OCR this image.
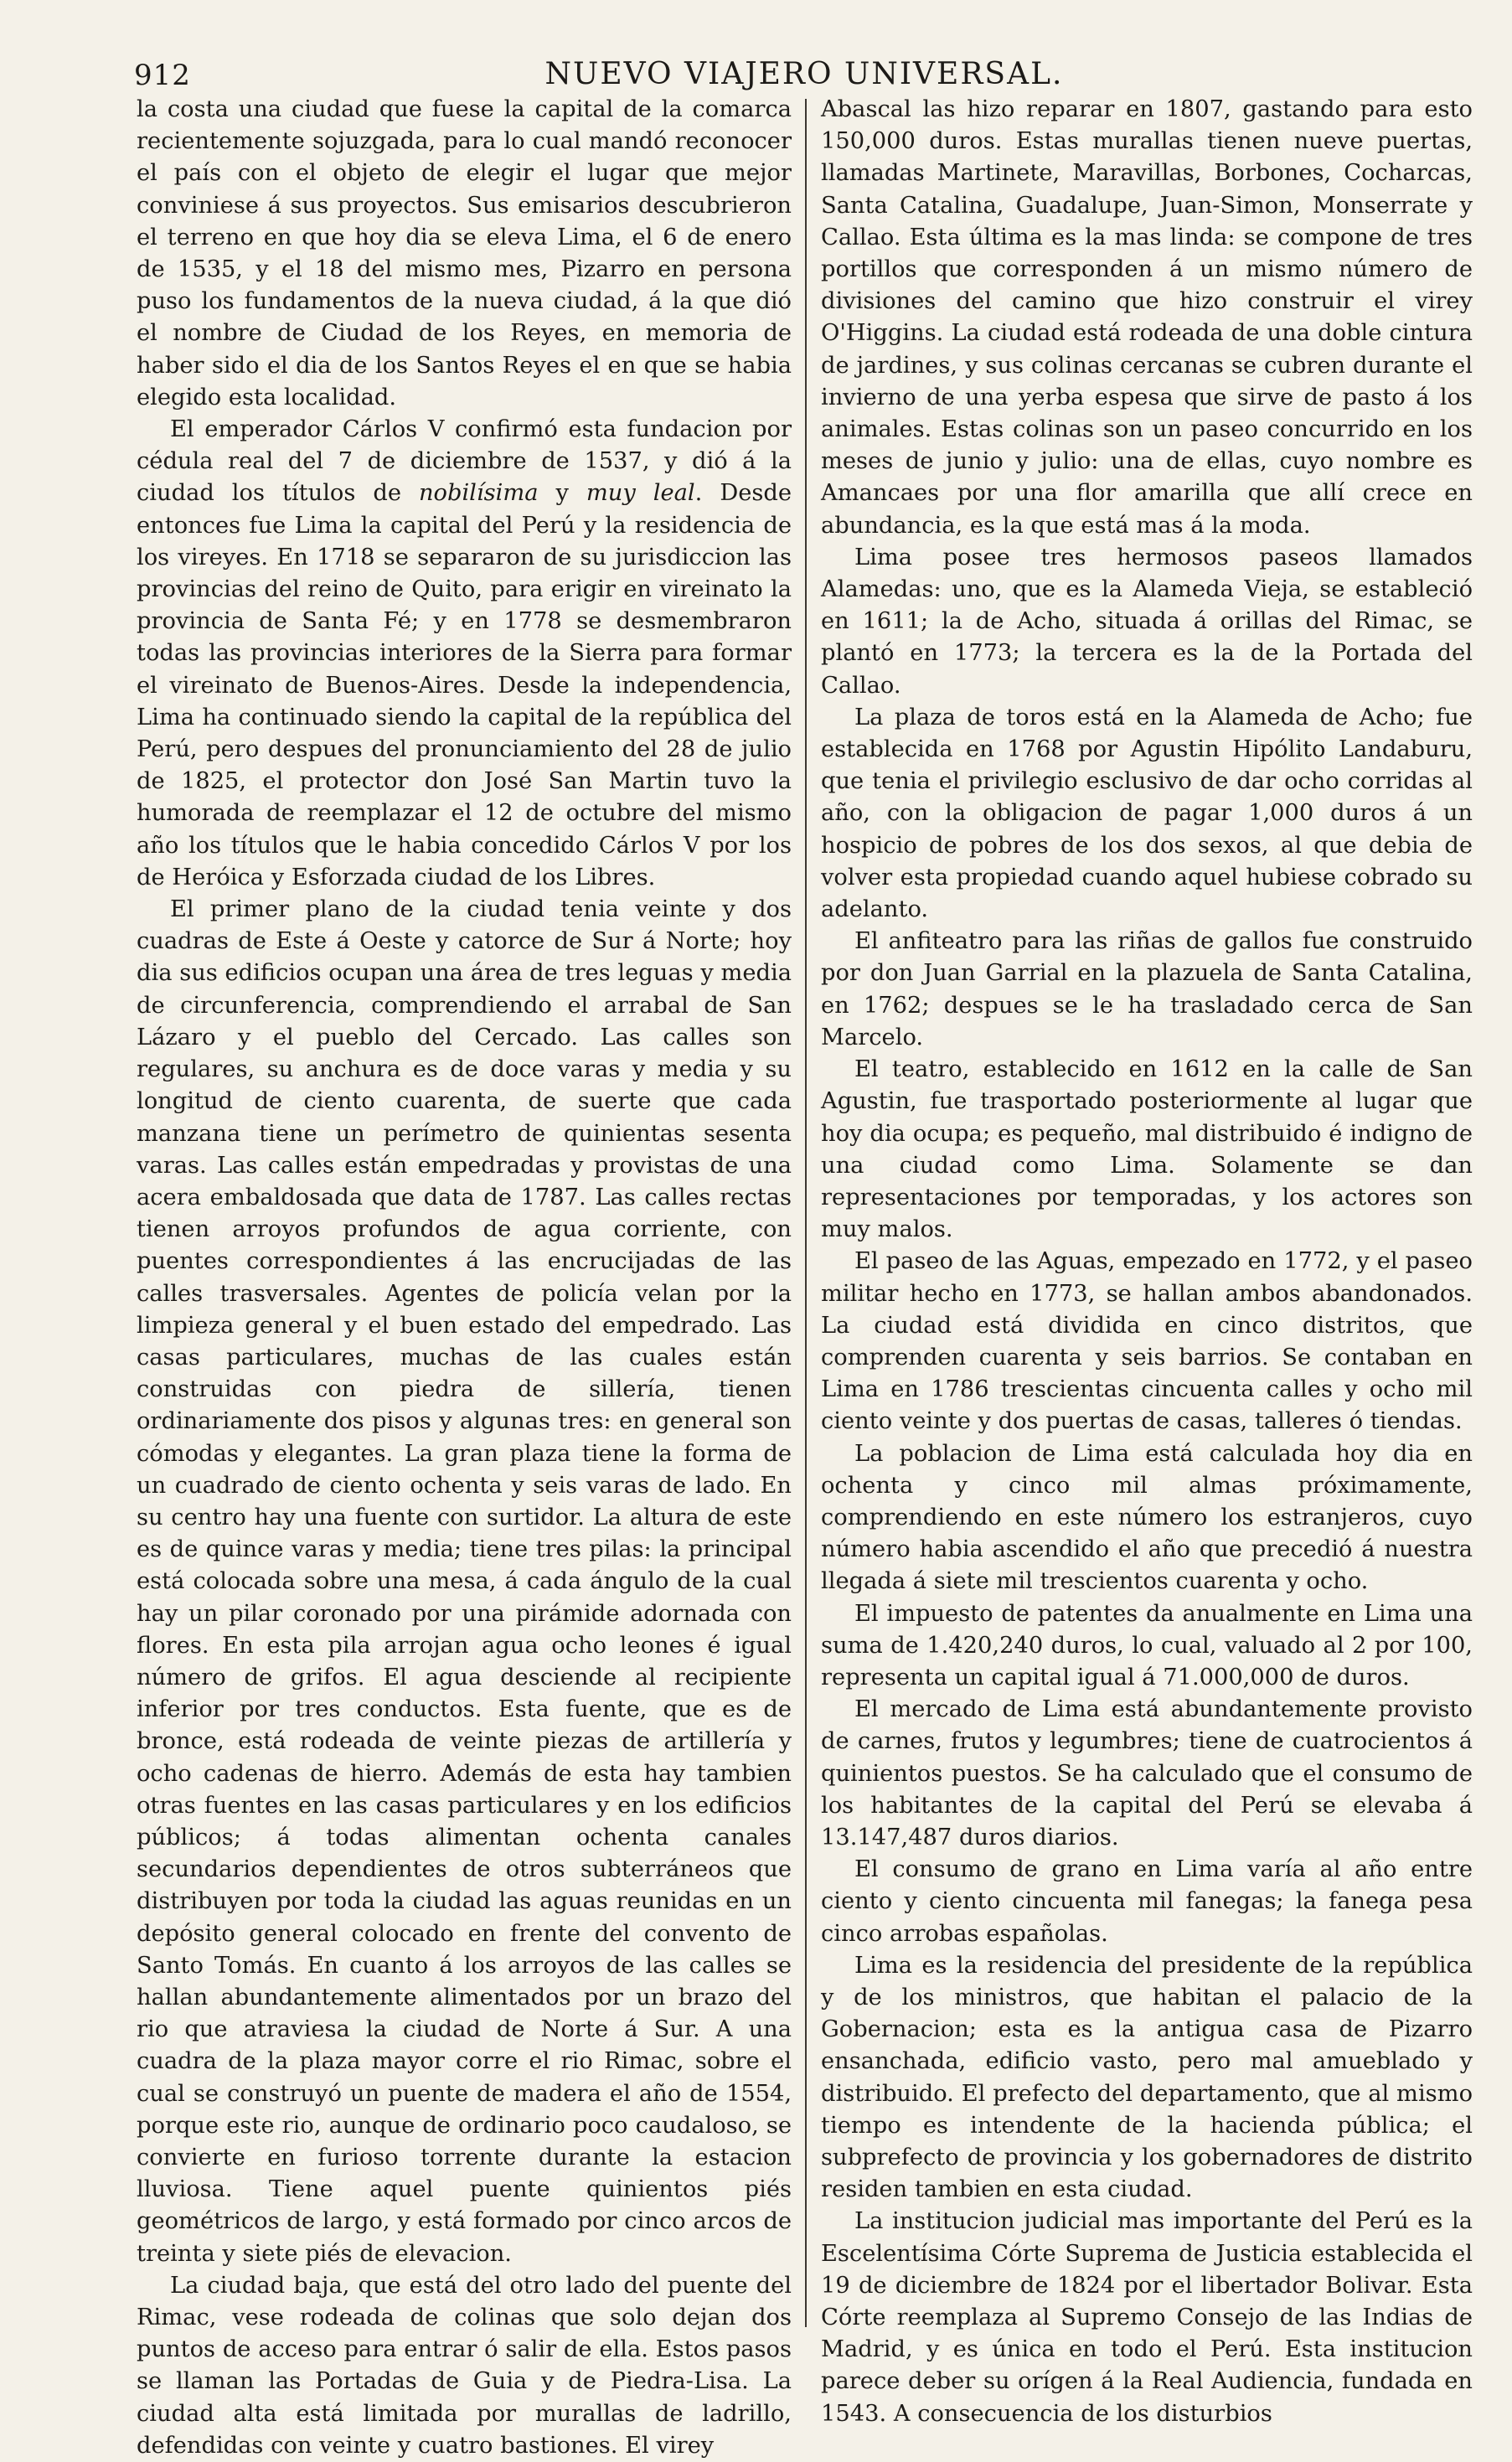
912	NUEVO VIAJERO UNIVERSAL.

la costa una ciudad que fuese la capital de la comarca recientemente sojuzgada, para lo cual mandó reconocer el país con el objeto de elegir el lugar que mejor conviniese á sus proyectos. Sus emisarios descubrieron el terreno en que hoy dia se eleva Lima, el 6 de enero de 1535, y el 18 del mismo mes, Pizarro en persona puso los fundamentos de la nueva ciudad, á la que dió el nombre de Ciudad de los Reyes, en memoria de haber sido el dia de los Santos Reyes el en que se habia elegido esta localidad.

El emperador Cárlos V confirmó esta fundacion por cédula real del 7 de diciembre de 1537, y dió á la ciudad los títulos de nobilísima y muy leal. Desde entonces fue Lima la capital del Perú y la residencia de los vireyes. En 1718 se separaron de su jurisdiccion las provincias del reino de Quito, para erigir en vireinato la provincia de Santa Fé; y en 1778 se desmembraron todas las provincias interiores de la Sierra para formar el vireinato de Buenos-Aires. Desde la independencia, Lima ha continuado siendo la capital de la república del Perú, pero despues del pronunciamiento del 28 de julio de 1825, el protector don José San Martin tuvo la humorada de reemplazar el 12 de octubre del mismo año los títulos que le habia concedido Cárlos V por los de Heróica y Esforzada ciudad de los Libres.

El primer plano de la ciudad tenia veinte y dos cuadras de Este á Oeste y catorce de Sur á Norte; hoy dia sus edificios ocupan una área de tres leguas y media de circunferencia, comprendiendo el arrabal de San Lázaro y el pueblo del Cercado. Las calles son regulares, su anchura es de doce varas y media y su longitud de ciento cuarenta, de suerte que cada manzana tiene un perímetro de quinientas sesenta varas. Las calles están empedradas y provistas de una acera embaldosada que data de 1787. Las calles rectas tienen arroyos profundos de agua corriente, con puentes correspondientes á las encrucijadas de las calles trasversales. Agentes de policía velan por la limpieza general y el buen estado del empedrado. Las casas particulares, muchas de las cuales están construidas con piedra de sillería, tienen ordinariamente dos pisos y algunas tres: en general son cómodas y elegantes. La gran plaza tiene la forma de un cuadrado de ciento ochenta y seis varas de lado. En su centro hay una fuente con surtidor. La altura de este es de quince varas y media; tiene tres pilas: la principal está colocada sobre una mesa, á cada ángulo de la cual hay un pilar coronado por una pirámide adornada con flores. En esta pila arrojan agua ocho leones é igual número de grifos. El agua desciende al recipiente inferior por tres conductos. Esta fuente, que es de bronce, está rodeada de veinte piezas de artillería y ocho cadenas de hierro. Además de esta hay tambien otras fuentes en las casas particulares y en los edificios públicos; á todas alimentan ochenta canales secundarios dependientes de otros subterráneos que distribuyen por toda la ciudad las aguas reunidas en un depósito general colocado en frente del convento de Santo Tomás. En cuanto á los arroyos de las calles se hallan abundantemente alimentados por un brazo del rio que atraviesa la ciudad de Norte á Sur. A una cuadra de la plaza mayor corre el rio Rimac, sobre el cual se construyó un puente de madera el año de 1554, porque este rio, aunque de ordinario poco caudaloso, se convierte en furioso torrente durante la estacion lluviosa. Tiene aquel puente quinientos piés geométricos de largo, y está formado por cinco arcos de treinta y siete piés de elevacion.

La ciudad baja, que está del otro lado del puente del Rimac, vese rodeada de colinas que solo dejan dos puntos de acceso para entrar ó salir de ella. Estos pasos se llaman las Portadas de Guia y de Piedra-Lisa. La ciudad alta está limitada por murallas de ladrillo, defendidas con veinte y cuatro bastiones. El virey

Abascal las hizo reparar en 1807, gastando para esto 150,000 duros. Estas murallas tienen nueve puertas, llamadas Martinete, Maravillas, Borbones, Cocharcas, Santa Catalina, Guadalupe, Juan-Simon, Monserrate y Callao. Esta última es la mas linda: se compone de tres portillos que corresponden á un mismo número de divisiones del camino que hizo construir el virey O'Higgins. La ciudad está rodeada de una doble cintura de jardines, y sus colinas cercanas se cubren durante el invierno de una yerba espesa que sirve de pasto á los animales. Estas colinas son un paseo concurrido en los meses de junio y julio: una de ellas, cuyo nombre es Amancaes por una flor amarilla que allí crece en abundancia, es la que está mas á la moda.

Lima posee tres hermosos paseos llamados Alamedas: uno, que es la Alameda Vieja, se estableció en 1611; la de Acho, situada á orillas del Rimac, se plantó en 1773; la tercera es la de la Portada del Callao.

La plaza de toros está en la Alameda de Acho; fue establecida en 1768 por Agustin Hipólito Landaburu, que tenia el privilegio esclusivo de dar ocho corridas al año, con la obligacion de pagar 1,000 duros á un hospicio de pobres de los dos sexos, al que debia de volver esta propiedad cuando aquel hubiese cobrado su adelanto.

El anfiteatro para las riñas de gallos fue construido por don Juan Garrial en la plazuela de Santa Catalina, en 1762; despues se le ha trasladado cerca de San Marcelo.

El teatro, establecido en 1612 en la calle de San Agustin, fue trasportado posteriormente al lugar que hoy dia ocupa; es pequeño, mal distribuido é indigno de una ciudad como Lima. Solamente se dan representaciones por temporadas, y los actores son muy malos.

El paseo de las Aguas, empezado en 1772, y el paseo militar hecho en 1773, se hallan ambos abandonados. La ciudad está dividida en cinco distritos, que comprenden cuarenta y seis barrios. Se contaban en Lima en 1786 trescientas cincuenta calles y ocho mil ciento veinte y dos puertas de casas, talleres ó tiendas.

La poblacion de Lima está calculada hoy dia en ochenta y cinco mil almas próximamente, comprendiendo en este número los estranjeros, cuyo número habia ascendido el año que precedió á nuestra llegada á siete mil trescientos cuarenta y ocho.

El impuesto de patentes da anualmente en Lima una suma de 1.420,240 duros, lo cual, valuado al 2 por 100, representa un capital igual á 71.000,000 de duros.

El mercado de Lima está abundantemente provisto de carnes, frutos y legumbres; tiene de cuatrocientos á quinientos puestos. Se ha calculado que el consumo de los habitantes de la capital del Perú se elevaba á 13.147,487 duros diarios.

El consumo de grano en Lima varía al año entre ciento y ciento cincuenta mil fanegas; la fanega pesa cinco arrobas españolas.

Lima es la residencia del presidente de la república y de los ministros, que habitan el palacio de la Gobernacion; esta es la antigua casa de Pizarro ensanchada, edificio vasto, pero mal amueblado y distribuido. El prefecto del departamento, que al mismo tiempo es intendente de la hacienda pública; el subprefecto de provincia y los gobernadores de distrito residen tambien en esta ciudad.

La institucion judicial mas importante del Perú es la Escelentísima Córte Suprema de Justicia establecida el 19 de diciembre de 1824 por el libertador Bolivar. Esta Córte reemplaza al Supremo Consejo de las Indias de Madrid, y es única en todo el Perú. Esta institucion parece deber su orígen á la Real Audiencia, fundada en 1543. A consecuencia de los disturbios
